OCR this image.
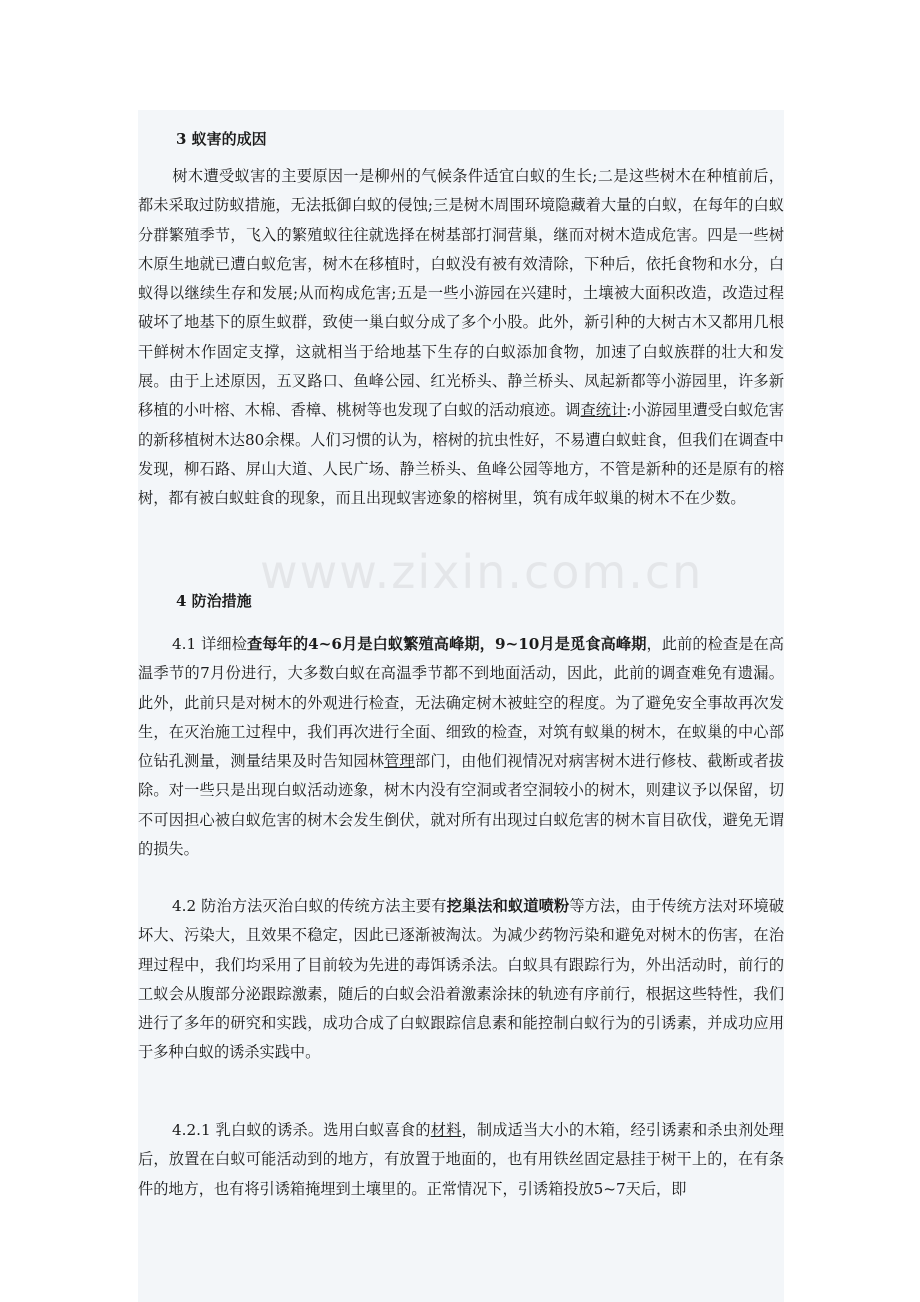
3 蚁害的成因
树木遭受蚁害的主要原因一是柳州的气候条件适宜白蚁的生长;二是这些树木在种植前后，都未采取过防蚁措施，无法抵御白蚁的侵蚀;三是树木周围环境隐藏着大量的白蚁，在每年的白蚁分群繁殖季节，飞入的繁殖蚁往往就选择在树基部打洞营巢，继而对树木造成危害。四是一些树木原生地就已遭白蚁危害，树木在移植时，白蚁没有被有效清除，下种后，依托食物和水分，白蚁得以继续生存和发展;从而构成危害;五是一些小游园在兴建时，土壤被大面积改造，改造过程破坏了地基下的原生蚁群，致使一巢白蚁分成了多个小股。此外，新引种的大树古木又都用几根干鲜树木作固定支撑，这就相当于给地基下生存的白蚁添加食物，加速了白蚁族群的壮大和发展。由于上述原因，五叉路口、鱼峰公园、红光桥头、静兰桥头、凤起新都等小游园里，许多新移植的小叶榕、木棉、香樟、桃树等也发现了白蚁的活动痕迹。调查统计:小游园里遭受白蚁危害的新移植树木达80余棵。人们习惯的认为，榕树的抗虫性好，不易遭白蚁蛀食，但我们在调查中发现，柳石路、屏山大道、人民广场、静兰桥头、鱼峰公园等地方，不管是新种的还是原有的榕树，都有被白蚁蛀食的现象，而且出现蚁害迹象的榕树里，筑有成年蚁巢的树木不在少数。
4 防治措施
4.1 详细检查每年的4~6月是白蚁繁殖高峰期，9~10月是觅食高峰期，此前的检查是在高温季节的7月份进行，大多数白蚁在高温季节都不到地面活动，因此，此前的调查难免有遗漏。此外，此前只是对树木的外观进行检查，无法确定树木被蛀空的程度。为了避免安全事故再次发生，在灭治施工过程中，我们再次进行全面、细致的检查，对筑有蚁巢的树木，在蚁巢的中心部位钻孔测量，测量结果及时告知园林管理部门，由他们视情况对病害树木进行修枝、截断或者拔除。对一些只是出现白蚁活动迹象，树木内没有空洞或者空洞较小的树木，则建议予以保留，切不可因担心被白蚁危害的树木会发生倒伏，就对所有出现过白蚁危害的树木盲目砍伐，避免无谓的损失。
4.2 防治方法灭治白蚁的传统方法主要有挖巢法和蚁道喷粉等方法，由于传统方法对环境破坏大、污染大，且效果不稳定，因此已逐渐被淘汰。为减少药物污染和避免对树木的伤害，在治理过程中，我们均采用了目前较为先进的毒饵诱杀法。白蚁具有跟踪行为，外出活动时，前行的工蚁会从腹部分泌跟踪激素，随后的白蚁会沿着激素涂抹的轨迹有序前行，根据这些特性，我们进行了多年的研究和实践，成功合成了白蚁跟踪信息素和能控制白蚁行为的引诱素，并成功应用于多种白蚁的诱杀实践中。
4.2.1 乳白蚁的诱杀。选用白蚁喜食的材料，制成适当大小的木箱，经引诱素和杀虫剂处理后，放置在白蚁可能活动到的地方，有放置于地面的，也有用铁丝固定悬挂于树干上的，在有条件的地方，也有将引诱箱掩埋到土壤里的。正常情况下，引诱箱投放5~7天后，即
www.zixin.com.cn
